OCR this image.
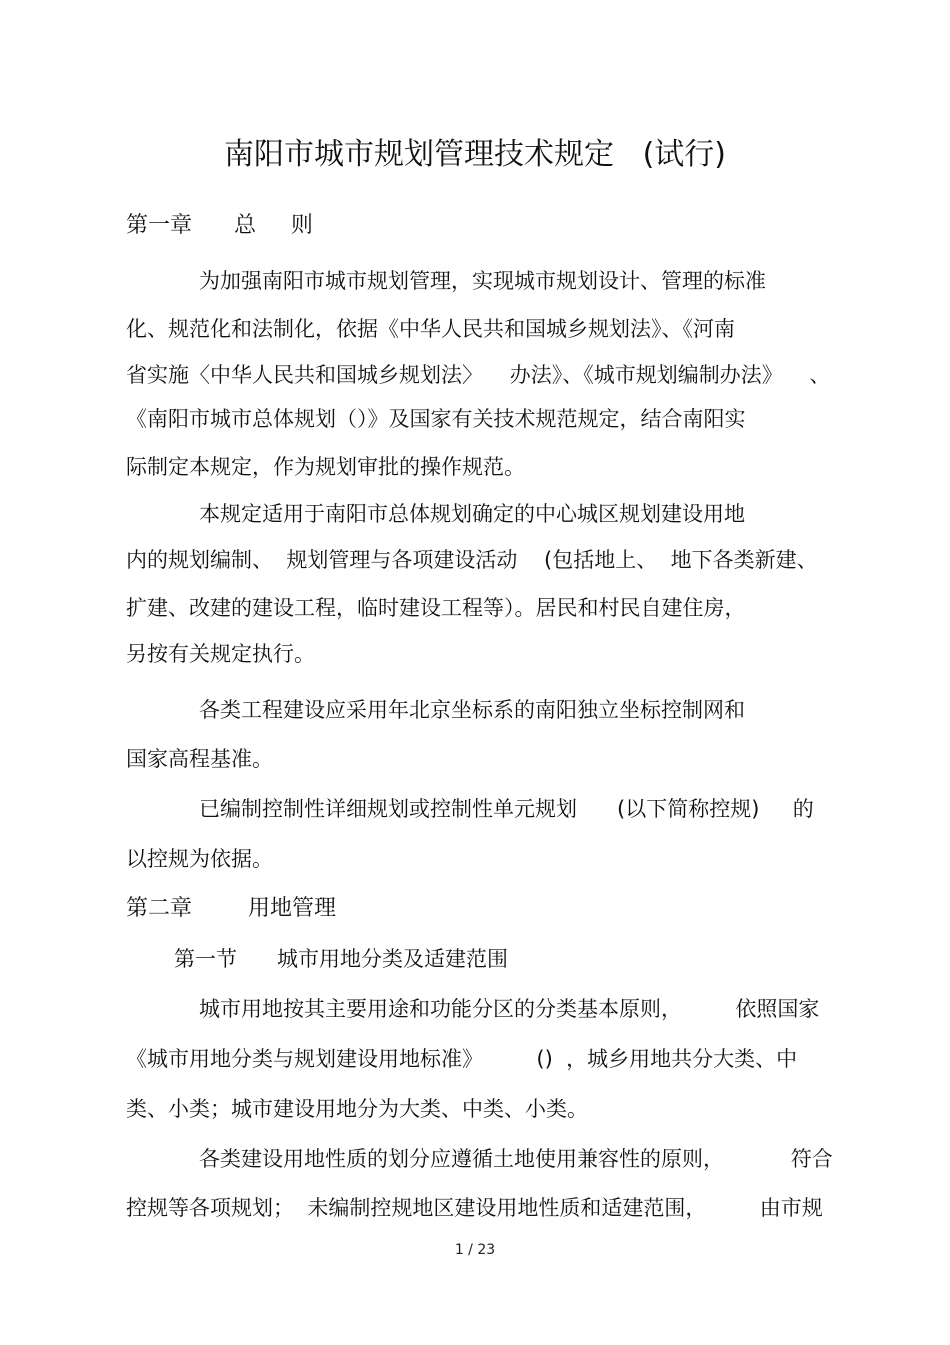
南阳市城市规划管理技术规定   (试行)
第一章      总     则
为加强南阳市城市规划管理，实现城市规划设计、管理的标准
化、规范化和法制化，依据《中华人民共和国城乡规划法》、《河南
省实施〈中华人民共和国城乡规划法〉    办法》、《城市规划编制办法》    、
《南阳市城市总体规划（）》及国家有关技术规范规定，结合南阳实
际制定本规定，作为规划审批的操作规范。
本规定适用于南阳市总体规划确定的中心城区规划建设用地
内的规划编制、  规划管理与各项建设活动    (包括地上、  地下各类新建、
扩建、改建的建设工程，临时建设工程等）。居民和村民自建住房，
另按有关规定执行。
各类工程建设应采用年北京坐标系的南阳独立坐标控制网和
国家高程基准。
已编制控制性详细规划或控制性单元规划      (以下简称控规)     的
以控规为依据。
第二章        用地管理
第一节      城市用地分类及适建范围
城市用地按其主要用途和功能分区的分类基本原则，        依照国家
《城市用地分类与规划建设用地标准》        ()  ，城乡用地共分大类、中
类、小类；城市建设用地分为大类、中类、小类。
各类建设用地性质的划分应遵循土地使用兼容性的原则，          符合
控规等各项规划；  未编制控规地区建设用地性质和适建范围，        由市规
1 / 23
